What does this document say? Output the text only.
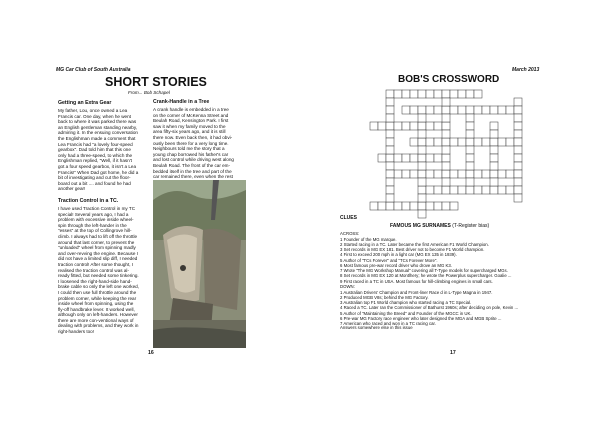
MG Car Club of South Australia
SHORT STORIES
From... Bob Schapel
Getting an Extra Gear
My father, Lou, once owned a Lea
Francis car. One day, when he went
back to where it was parked there was
an English gentleman standing nearby,
admiring it. In the ensuing conversation
the Englishman made a comment that
Lea Francis had "a lovely four-speed
gearbox". Dad told him that this one
only had a three-speed, to which the
Englishman replied, "Well, if it hasn't
got a four speed gearbox, it isn't a Lea
Francis!" When Dad got home, he did a
bit of investigating and cut the floor-
board out a bit .... and found he had
another gear!
Traction Control in a TC.
I have used Traction Control in my TC
special! Several years ago, I had a
problem with excessive inside wheel-
spin through the left-hander in the
"esses" at the top of Collingrove hill-
climb. I always had to lift off the throttle
around that last corner, to prevent the
"unloaded" wheel from spinning madly
and over-revving the engine. Because I
did not have a limited slip diff, I needed
traction control! After some thought, I
realised the traction control was al-
ready fitted, but needed some tinkering.
I loosened the right-hand-side hand-
brake cable so only the left one worked,
I could then use full throttle around the
problem corner, while keeping the rear
inside wheel from spinning, using the
fly-off handbrake lever. It worked well,
although only on left-handers. However
there are more con-ventional ways of
dealing with problems, and they work in
right-handers too!
Crank-Handle in a Tree
A crank handle is embedded in a tree
on the corner of McKenna Street and
Beulah Road, Kensington Park. I first
saw it when my family moved to the
area fifty-six years ago, and it is still
there now. Even back then, it had obvi-
ously been there for a very long time.
Neighbours told me the story that a
young chap borrowed his father's car
and lost control while driving west along
Beulah Road. The front of the car em-
bedded itself in the tree and part of the
car remained there, even when the rest
16
March 2013
BOB'S CROSSWORD
CLUES
FAMOUS MG SURNAMES (T-Register bias)
ACROSS:
1 Founder of the MG marque.
2 Started racing in a TC. Later became the first American F1 World Champion.
3 Set records in MG EX 181. Best driver not to become F1 World champion.
4 First to exceed 200 mph in a light car (MG EX 135 in 1939).
5 Author of "TCs Forever" and "TCs Forever More".
6 Most famous pre-war record driver who drove an MG K3.
7 Wrote "The MG Workshop Manual" covering all T-Type models for supercharged MGs.
8 Set records in MG EX 120 at Montlhery; he wrote the Powerplus supercharger. Goalie ...
9 First raced in a TC in USA. Most famous for hill-climbing engines in small cars.
DOWN:
1 Australian Drivers' Champion and Front-liner Race d in L-Type Magna in 1947.
2 Produced MGB V8s; behind the MG Factory.
3 Australian top F1 World champion who started racing a TC Special.
4 Raced a TC. Later ran the Commissioner of Bathurst 1960s; after deciding on pole, Kevin ...
5 Author of "Maintaining the Breed" and Founder of the MGCC in UK.
6 Pre-war MG Factory race engineer who later designed the MGA and MGB Sprite ...
7 American who raced and won in a TC racing car.
Answers somewhere else in this issue
17
